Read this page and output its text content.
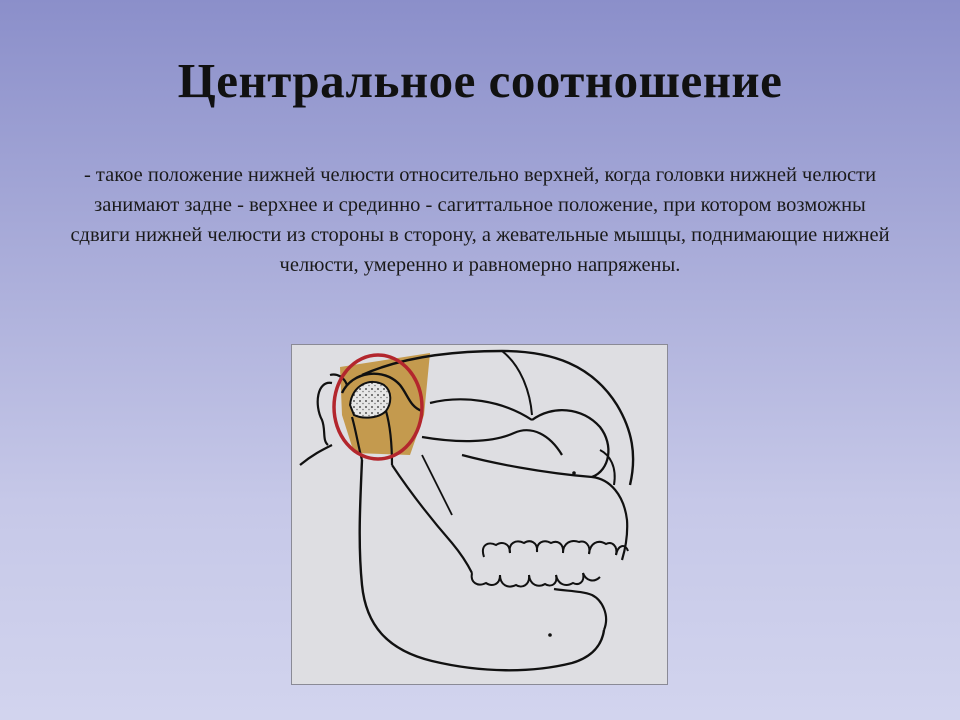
Центральное соотношение
- такое положение нижней челюсти относительно верхней, когда головки нижней челюсти занимают задне - верхнее и срединно - сагиттальное положение, при котором возможны сдвиги нижней челюсти из стороны в сторону, а жевательные мышцы, поднимающие нижней челюсти, умеренно и равномерно напряжены.
